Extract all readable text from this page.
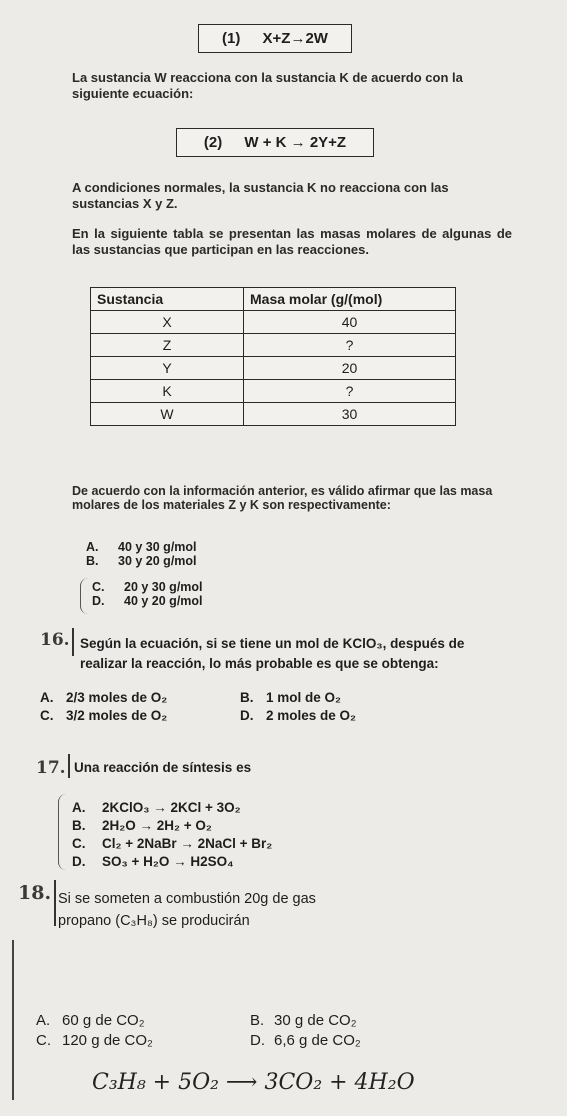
(1) X+Z→2W
La sustancia W reacciona con la sustancia K de acuerdo con la siguiente ecuación:
(2) W + K → 2Y+Z
A condiciones normales, la sustancia K no reacciona con las sustancias X y Z.
En la siguiente tabla se presentan las masas molares de algunas de las sustancias que participan en las reacciones.
Sustancia	Masa molar (g/(mol)
X	40
Z	?
Y	20
K	?
W	30
De acuerdo con la información anterior, es válido afirmar que las masa molares de los materiales Z y K son respectivamente:
A. 40 y 30 g/mol
B. 30 y 20 g/mol
C. 20 y 30 g/mol
D. 40 y 20 g/mol
16. Según la ecuación, si se tiene un mol de KClO₃, después de realizar la reacción, lo más probable es que se obtenga:
A. 2/3 moles de O₂	B. 1 mol de O₂
C. 3/2 moles de O₂	D. 2 moles de O₂
17. Una reacción de síntesis es
A. 2KClO₃ → 2KCl + 3O₂
B. 2H₂O → 2H₂ + O₂
C. Cl₂ + 2NaBr → 2NaCl + Br₂
D. SO₃ + H₂O → H2SO₄
18. Si se someten a combustión 20g de gas propano (C₃H₈) se producirán
A. 60 g de CO₂	B. 30 g de CO₂
C. 120 g de CO₂	D. 6,6 g de CO₂
C₃H₈ + 5O₂ ⟶ 3CO₂ + 4H₂O
